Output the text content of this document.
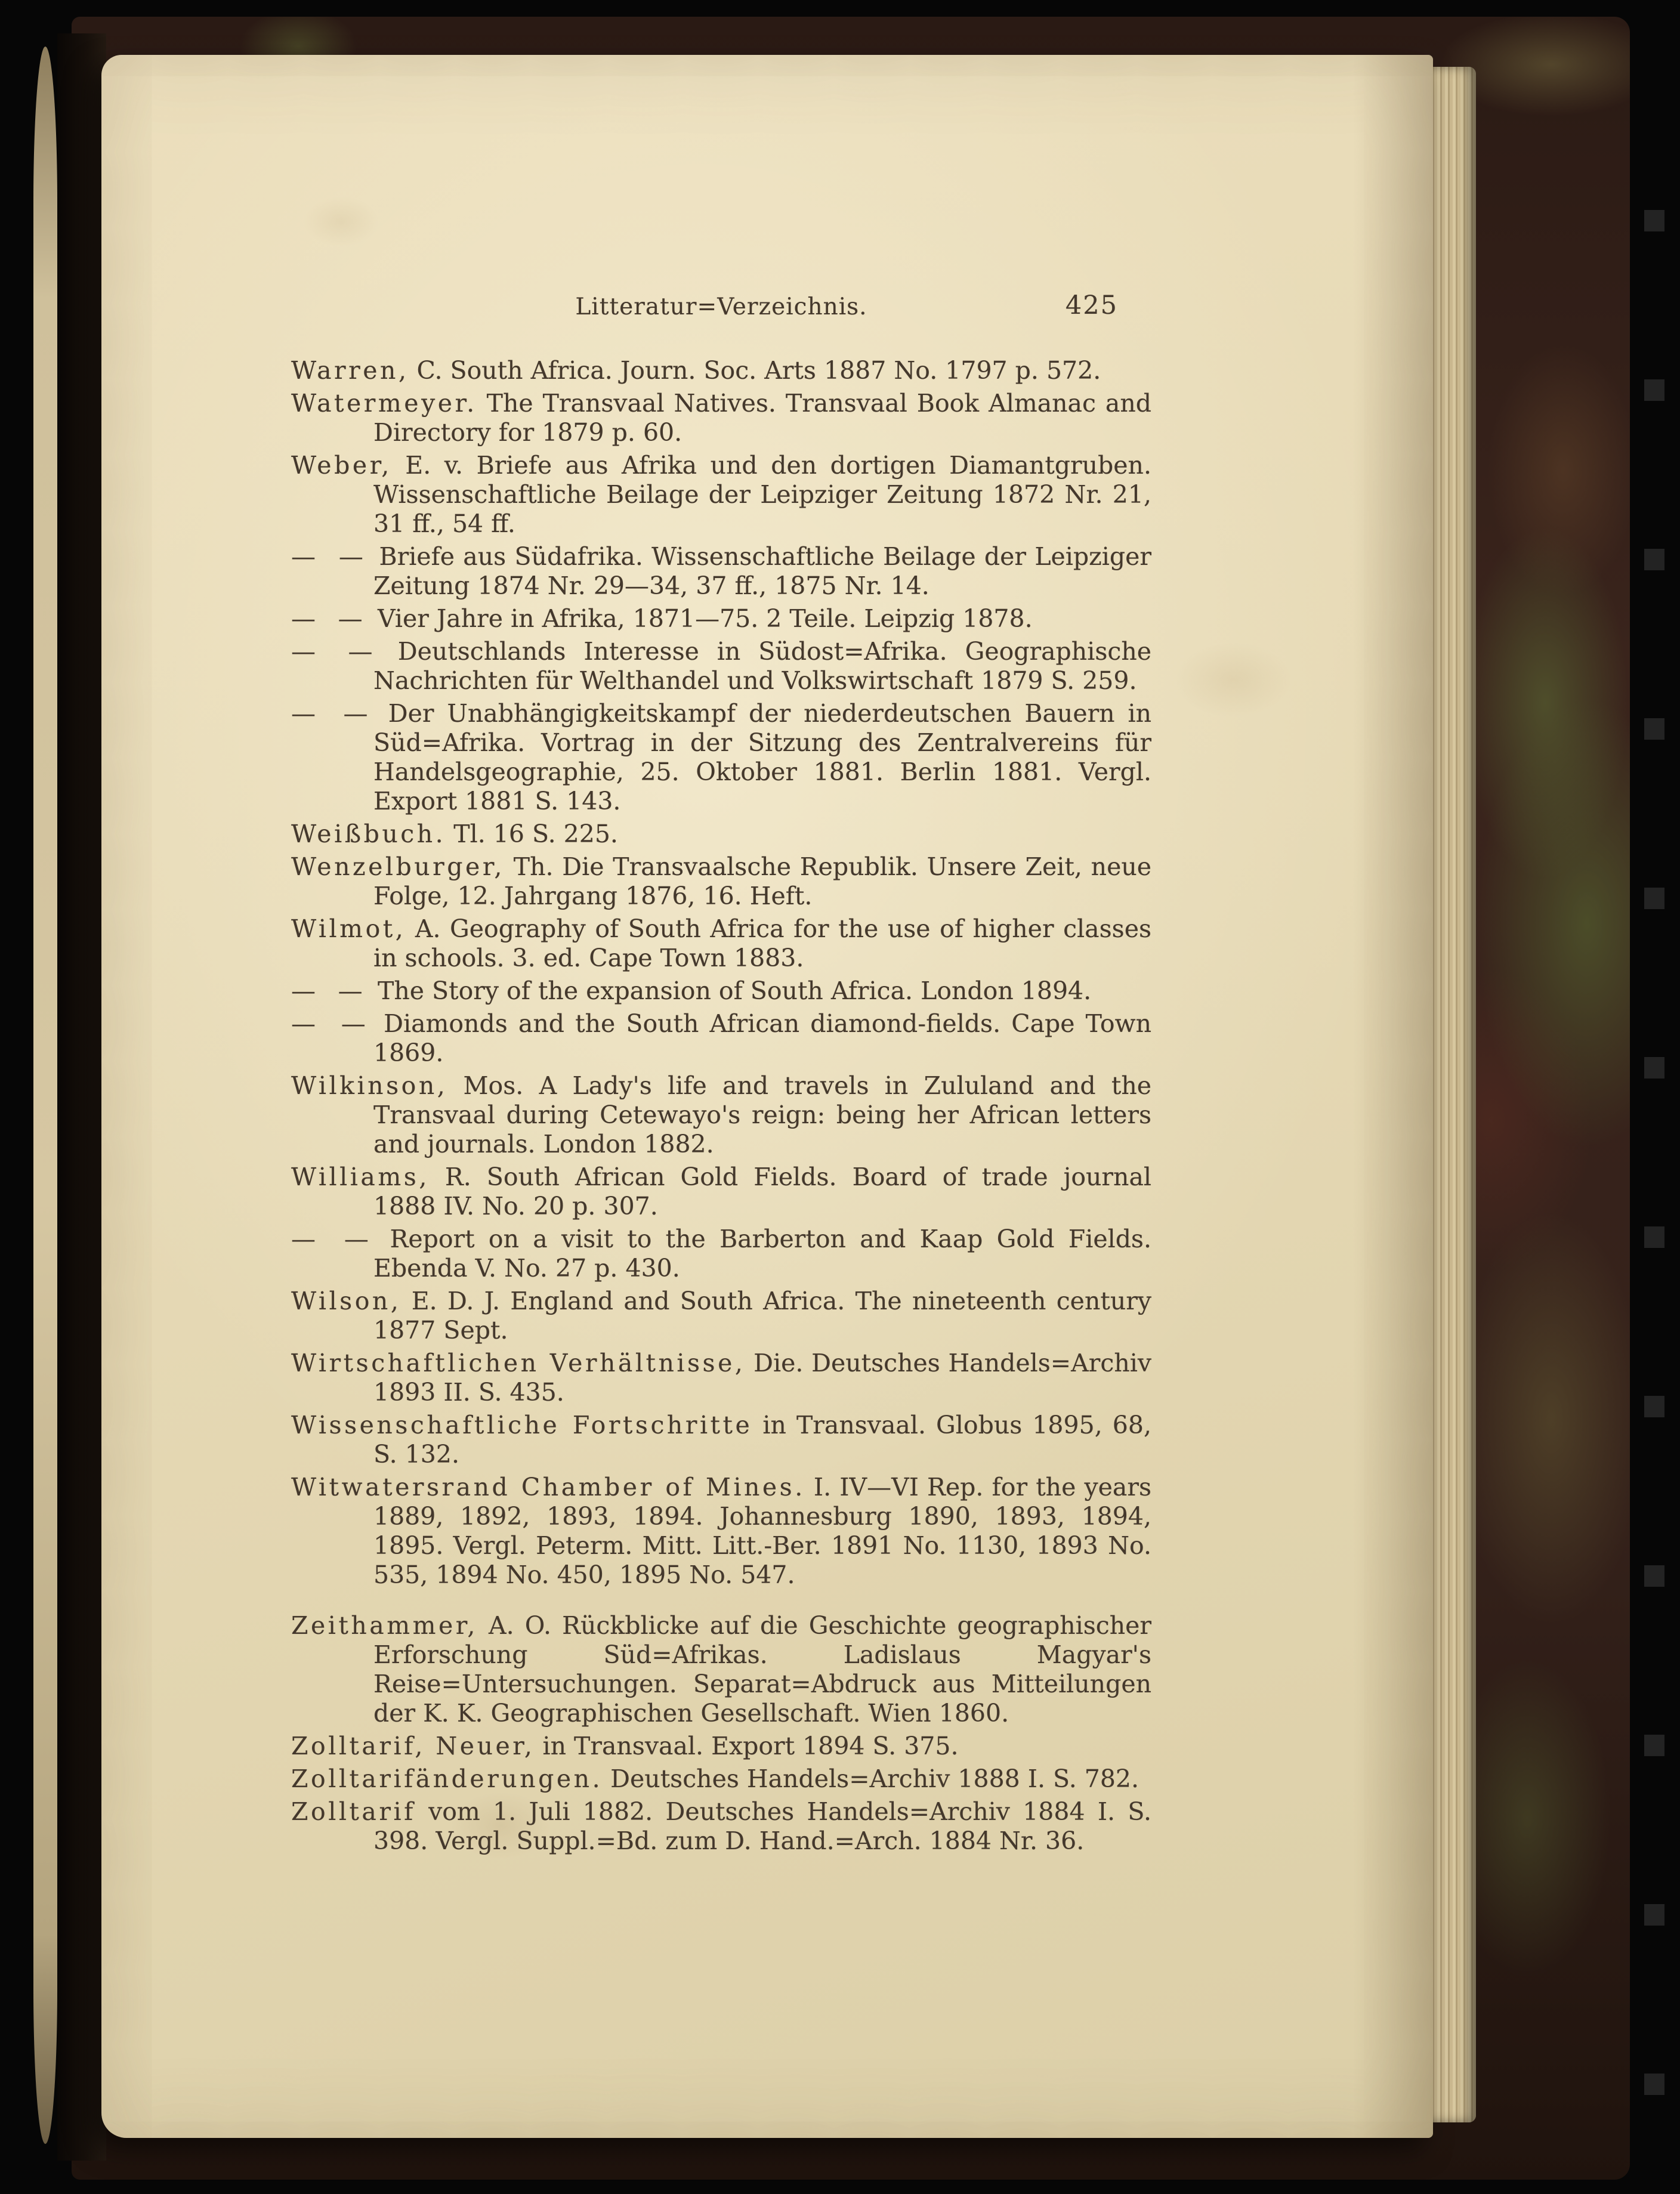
Litteratur=Verzeichnis.	425

Warren, C. South Africa. Journ. Soc. Arts 1887 No. 1797 p. 572.

Watermeyer. The Transvaal Natives. Transvaal Book Almanac and Directory for 1879 p. 60.

Weber, E. v. Briefe aus Afrika und den dortigen Diamantgruben. Wissenschaftliche Beilage der Leipziger Zeitung 1872 Nr. 21, 31 ff., 54 ff.

— — Briefe aus Südafrika. Wissenschaftliche Beilage der Leipziger Zeitung 1874 Nr. 29—34, 37 ff., 1875 Nr. 14.

— — Vier Jahre in Afrika, 1871—75. 2 Teile. Leipzig 1878.

— — Deutschlands Interesse in Südost=Afrika. Geographische Nachrichten für Welthandel und Volkswirtschaft 1879 S. 259.

— — Der Unabhängigkeitskampf der niederdeutschen Bauern in Süd=Afrika. Vortrag in der Sitzung des Zentralvereins für Handelsgeographie, 25. Oktober 1881. Berlin 1881. Vergl. Export 1881 S. 143.

Weißbuch. Tl. 16 S. 225.

Wenzelburger, Th. Die Transvaalsche Republik. Unsere Zeit, neue Folge, 12. Jahrgang 1876, 16. Heft.

Wilmot, A. Geography of South Africa for the use of higher classes in schools. 3. ed. Cape Town 1883.

— — The Story of the expansion of South Africa. London 1894.

— — Diamonds and the South African diamond-fields. Cape Town 1869.

Wilkinson, Mos. A Lady's life and travels in Zululand and the Transvaal during Cetewayo's reign: being her African letters and journals. London 1882.

Williams, R. South African Gold Fields. Board of trade journal 1888 IV. No. 20 p. 307.

— — Report on a visit to the Barberton and Kaap Gold Fields. Ebenda V. No. 27 p. 430.

Wilson, E. D. J. England and South Africa. The nineteenth century 1877 Sept.

Wirtschaftlichen Verhältnisse, Die. Deutsches Handels=Archiv 1893 II. S. 435.

Wissenschaftliche Fortschritte in Transvaal. Globus 1895, 68, S. 132.

Witwatersrand Chamber of Mines. I. IV—VI Rep. for the years 1889, 1892, 1893, 1894. Johannesburg 1890, 1893, 1894, 1895. Vergl. Peterm. Mitt. Litt.-Ber. 1891 No. 1130, 1893 No. 535, 1894 No. 450, 1895 No. 547.

Zeithammer, A. O. Rückblicke auf die Geschichte geographischer Erforschung Süd=Afrikas. Ladislaus Magyar's Reise=Untersuchungen. Separat=Abdruck aus Mitteilungen der K. K. Geographischen Gesellschaft. Wien 1860.

Zolltarif, Neuer, in Transvaal. Export 1894 S. 375.

Zolltarifänderungen. Deutsches Handels=Archiv 1888 I. S. 782.

Zolltarif vom 1. Juli 1882. Deutsches Handels=Archiv 1884 I. S. 398. Vergl. Suppl.=Bd. zum D. Hand.=Arch. 1884 Nr. 36.
